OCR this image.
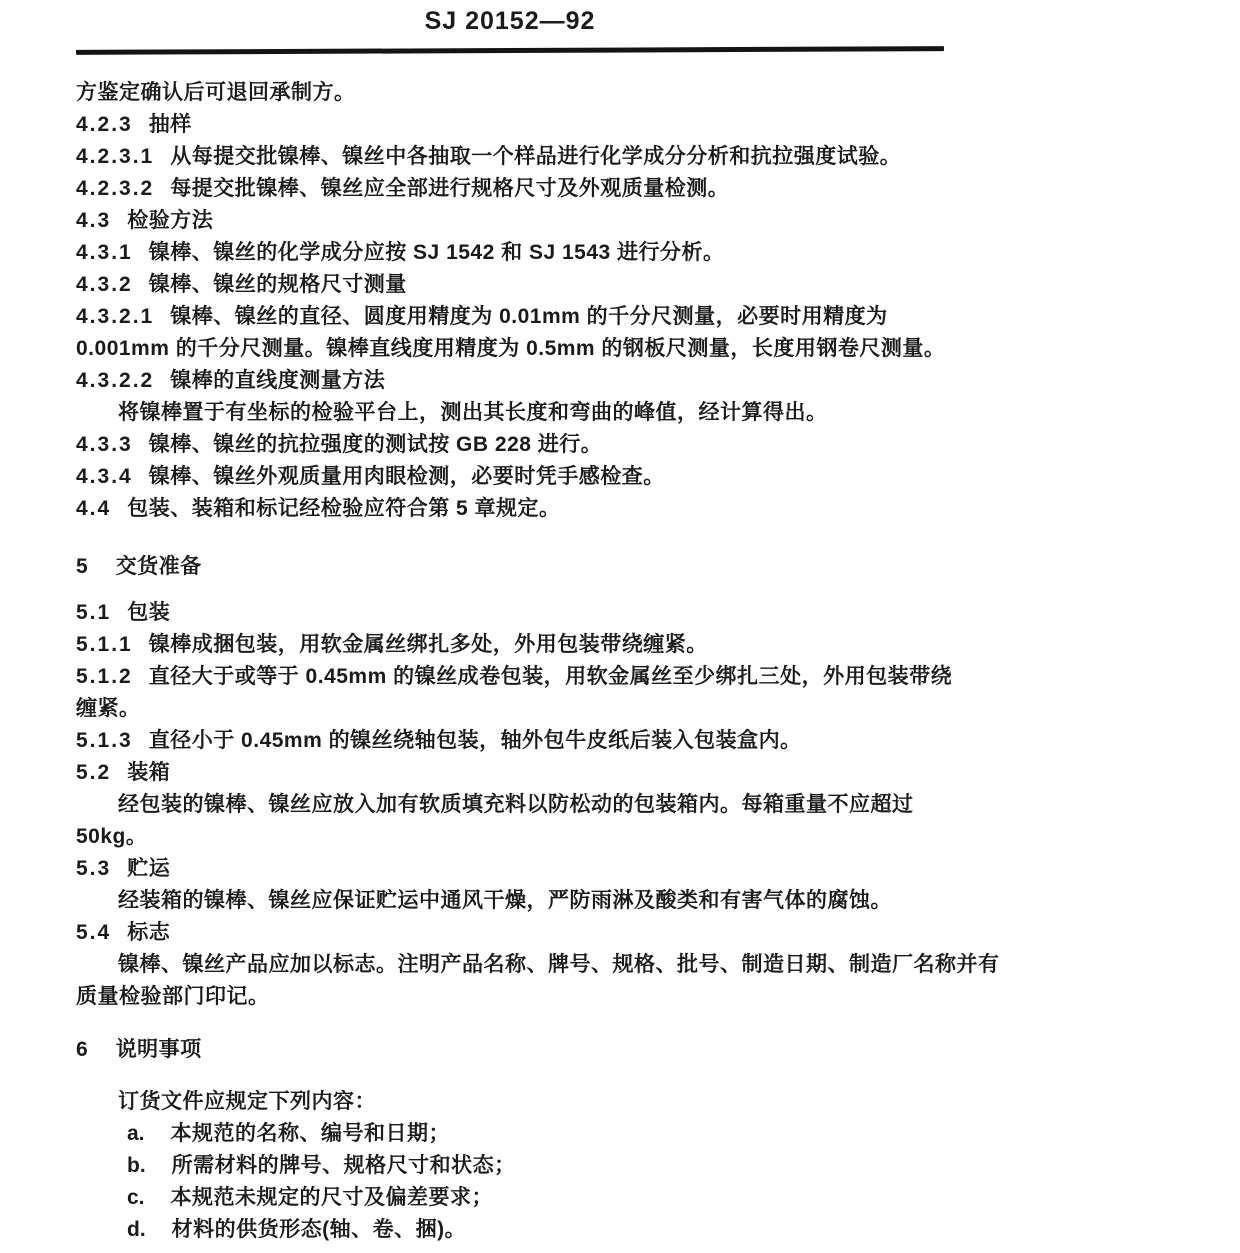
SJ 20152—92
方鉴定确认后可退回承制方。
4.2.3 抽样
4.2.3.1 从每提交批镍棒、镍丝中各抽取一个样品进行化学成分分析和抗拉强度试验。
4.2.3.2 每提交批镍棒、镍丝应全部进行规格尺寸及外观质量检测。
4.3 检验方法
4.3.1 镍棒、镍丝的化学成分应按 SJ 1542 和 SJ 1543 进行分析。
4.3.2 镍棒、镍丝的规格尺寸测量
4.3.2.1 镍棒、镍丝的直径、圆度用精度为 0.01mm 的千分尺测量，必要时用精度为
0.001mm 的千分尺测量。镍棒直线度用精度为 0.5mm 的钢板尺测量，长度用钢卷尺测量。
4.3.2.2 镍棒的直线度测量方法
将镍棒置于有坐标的检验平台上，测出其长度和弯曲的峰值，经计算得出。
4.3.3 镍棒、镍丝的抗拉强度的测试按 GB 228 进行。
4.3.4 镍棒、镍丝外观质量用肉眼检测，必要时凭手感检查。
4.4 包装、装箱和标记经检验应符合第 5 章规定。
5 交货准备
5.1 包装
5.1.1 镍棒成捆包装，用软金属丝绑扎多处，外用包装带绕缠紧。
5.1.2 直径大于或等于 0.45mm 的镍丝成卷包装，用软金属丝至少绑扎三处，外用包装带绕
缠紧。
5.1.3 直径小于 0.45mm 的镍丝绕轴包装，轴外包牛皮纸后装入包装盒内。
5.2 装箱
经包装的镍棒、镍丝应放入加有软质填充料以防松动的包装箱内。每箱重量不应超过
50kg。
5.3 贮运
经装箱的镍棒、镍丝应保证贮运中通风干燥，严防雨淋及酸类和有害气体的腐蚀。
5.4 标志
镍棒、镍丝产品应加以标志。注明产品名称、牌号、规格、批号、制造日期、制造厂名称并有
质量检验部门印记。
6 说明事项
订货文件应规定下列内容：
a. 本规范的名称、编号和日期；
b. 所需材料的牌号、规格尺寸和状态；
c. 本规范未规定的尺寸及偏差要求；
d. 材料的供货形态(轴、卷、捆)。
